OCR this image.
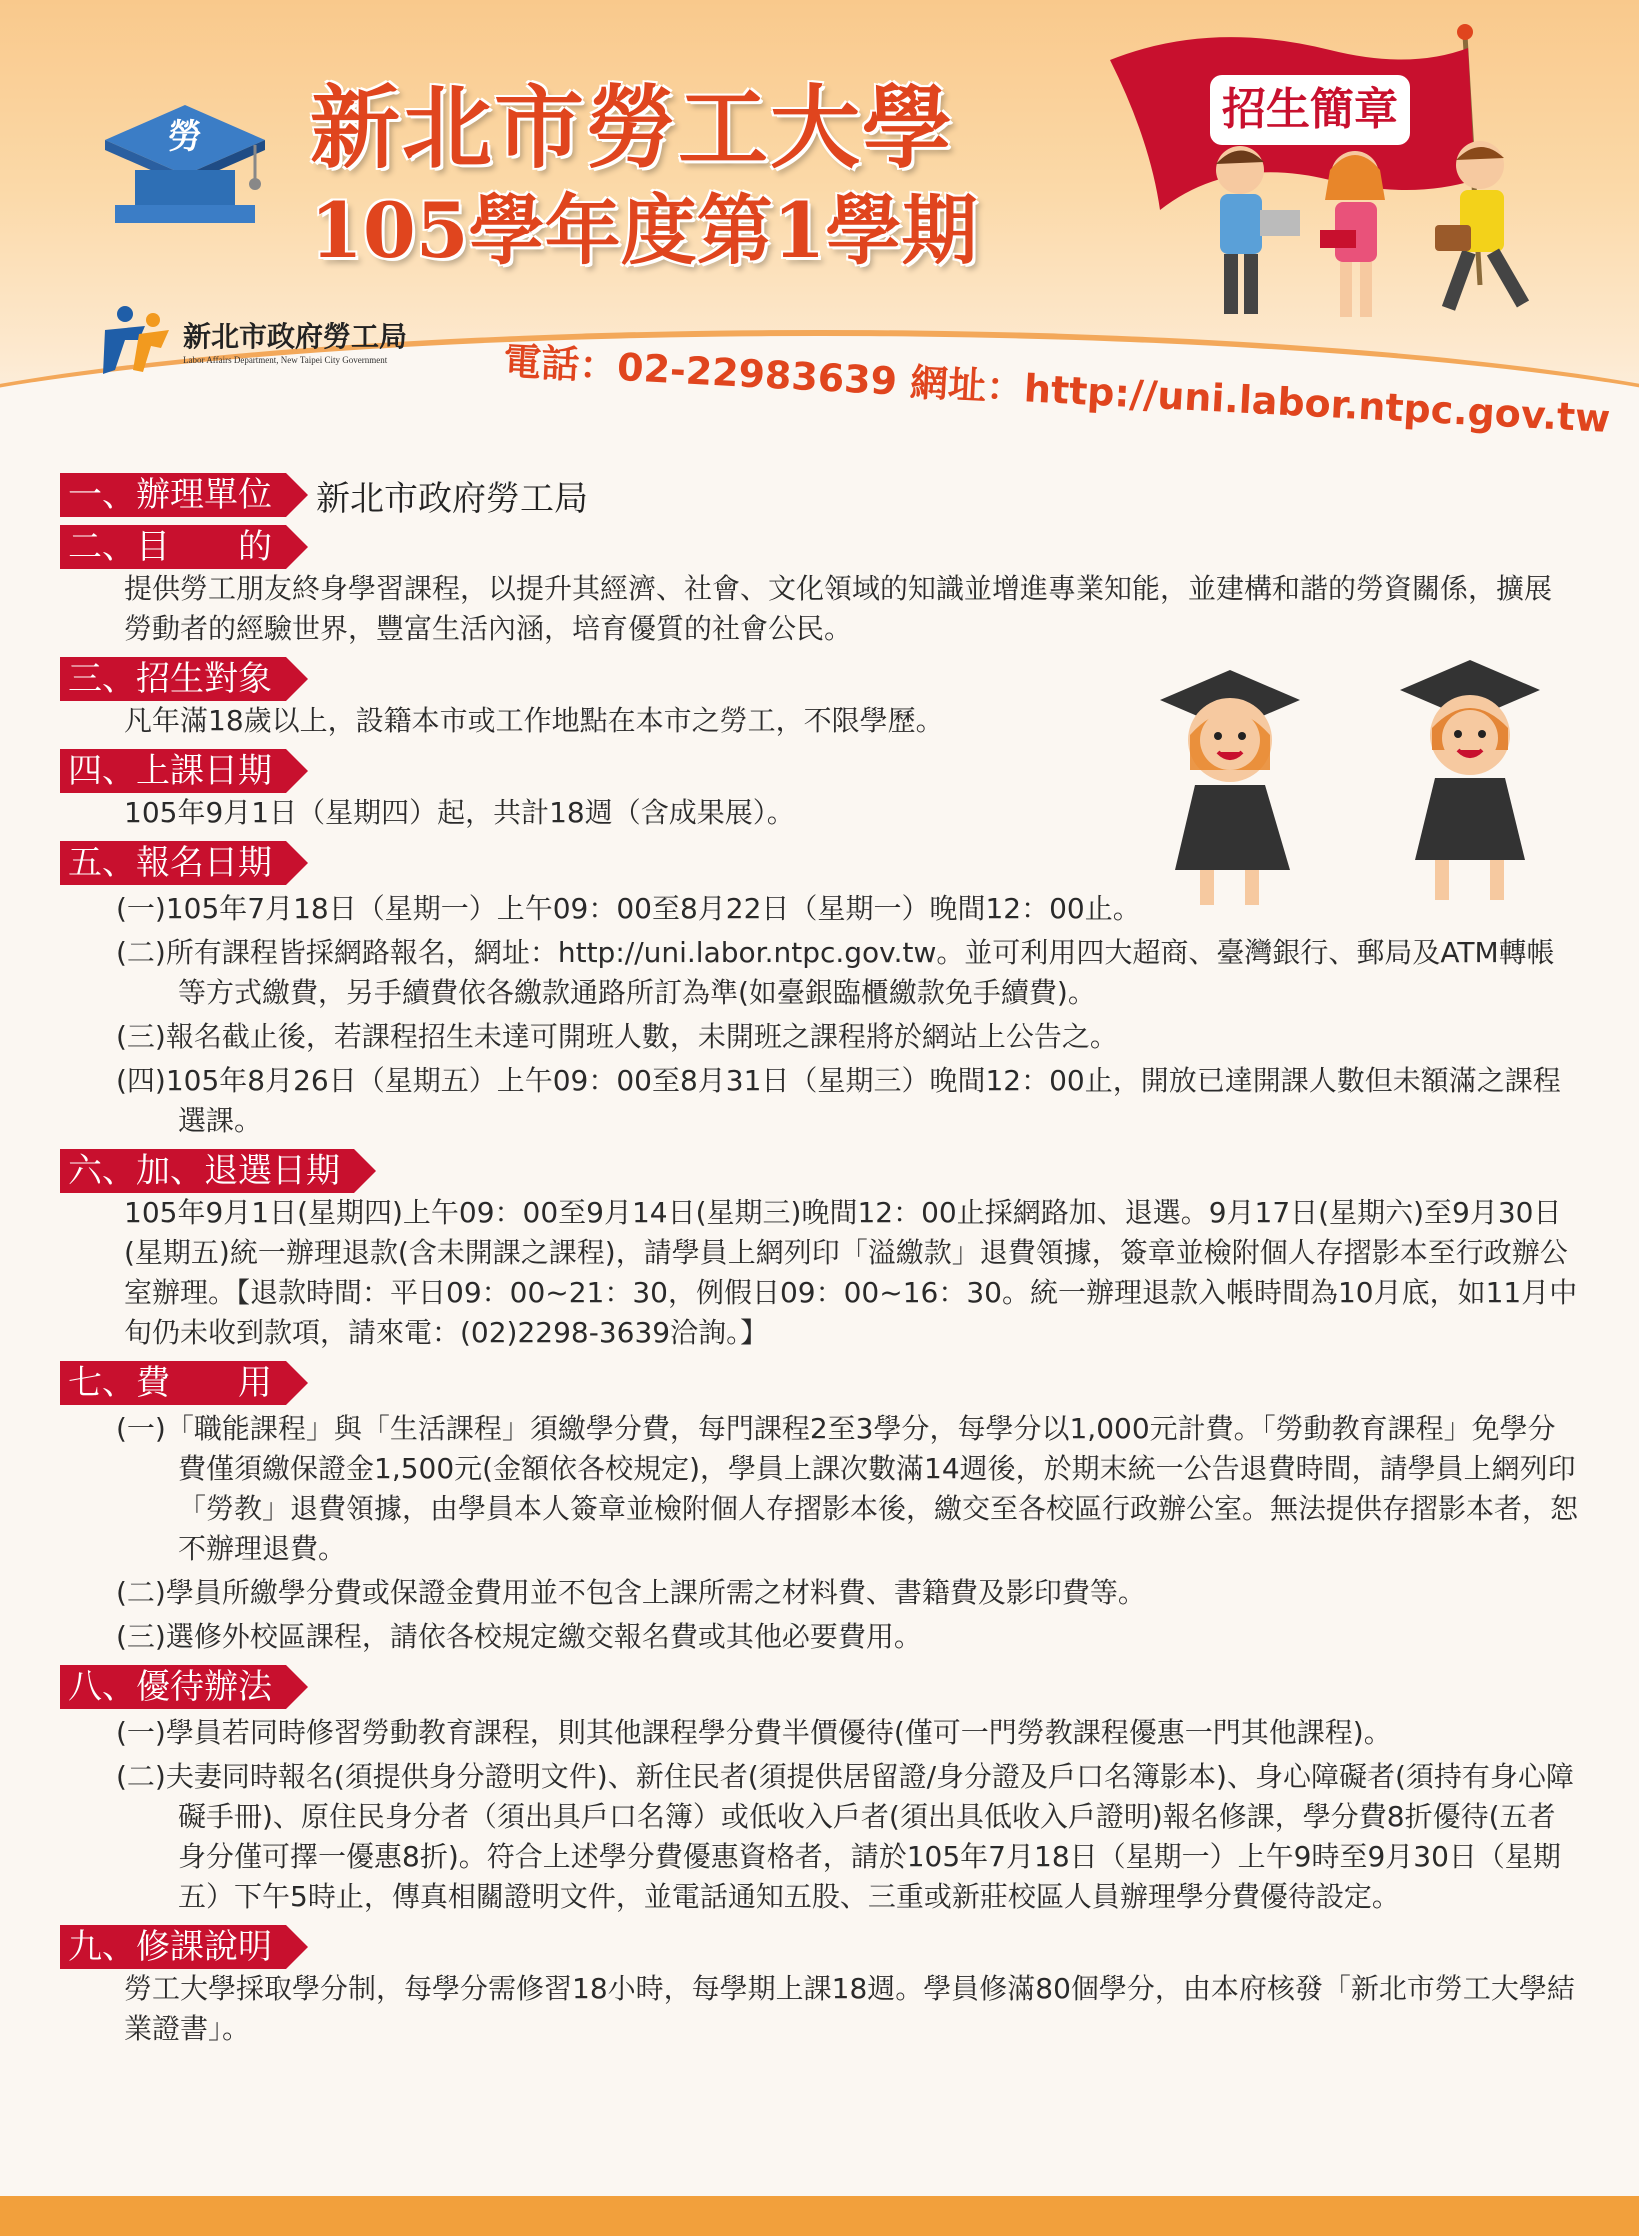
勞 新北市勞工大學
105學年度第1學期
新北市政府勞工局
Labor Affairs Department, New Taipei City Government	電話：02-22983639 網址：http://uni.labor.ntpc.gov.tw
招生簡章
一、辦理單位	新北市政府勞工局
二、目　　的
提供勞工朋友終身學習課程，以提升其經濟、社會、文化領域的知識並增進專業知能，並建構和諧的勞資關係，擴展勞動者的經驗世界，豐富生活內涵，培育優質的社會公民。
三、招生對象
凡年滿18歲以上，設籍本市或工作地點在本市之勞工，不限學歷。
四、上課日期
105年9月1日（星期四）起，共計18週（含成果展）。
五、報名日期
(一)105年7月18日（星期一）上午09：00至8月22日（星期一）晚間12：00止。
(二)所有課程皆採網路報名，網址：http://uni.labor.ntpc.gov.tw。並可利用四大超商、臺灣銀行、郵局及ATM轉帳等方式繳費，另手續費依各繳款通路所訂為準(如臺銀臨櫃繳款免手續費)。
(三)報名截止後，若課程招生未達可開班人數，未開班之課程將於網站上公告之。
(四)105年8月26日（星期五）上午09：00至8月31日（星期三）晚間12：00止，開放已達開課人數但未額滿之課程選課。
六、加、退選日期
105年9月1日(星期四)上午09：00至9月14日(星期三)晚間12：00止採網路加、退選。9月17日(星期六)至9月30日(星期五)統一辦理退款(含未開課之課程)，請學員上網列印「溢繳款」退費領據，簽章並檢附個人存摺影本至行政辦公室辦理。【退款時間：平日09：00~21：30，例假日09：00~16：30。統一辦理退款入帳時間為10月底，如11月中旬仍未收到款項，請來電：(02)2298-3639洽詢。】
七、費　　用
(一)「職能課程」與「生活課程」須繳學分費，每門課程2至3學分，每學分以1,000元計費。「勞動教育課程」免學分費僅須繳保證金1,500元(金額依各校規定)，學員上課次數滿14週後，於期末統一公告退費時間，請學員上網列印「勞教」退費領據，由學員本人簽章並檢附個人存摺影本後，繳交至各校區行政辦公室。無法提供存摺影本者，恕不辦理退費。
(二)學員所繳學分費或保證金費用並不包含上課所需之材料費、書籍費及影印費等。
(三)選修外校區課程，請依各校規定繳交報名費或其他必要費用。
八、優待辦法
(一)學員若同時修習勞動教育課程，則其他課程學分費半價優待(僅可一門勞教課程優惠一門其他課程)。
(二)夫妻同時報名(須提供身分證明文件)、新住民者(須提供居留證/身分證及戶口名簿影本)、身心障礙者(須持有身心障礙手冊)、原住民身分者（須出具戶口名簿）或低收入戶者(須出具低收入戶證明)報名修課，學分費8折優待(五者身分僅可擇一優惠8折)。符合上述學分費優惠資格者，請於105年7月18日（星期一）上午9時至9月30日（星期五）下午5時止，傳真相關證明文件，並電話通知五股、三重或新莊校區人員辦理學分費優待設定。
九、修課說明
勞工大學採取學分制，每學分需修習18小時，每學期上課18週。學員修滿80個學分，由本府核發「新北市勞工大學結業證書」。
